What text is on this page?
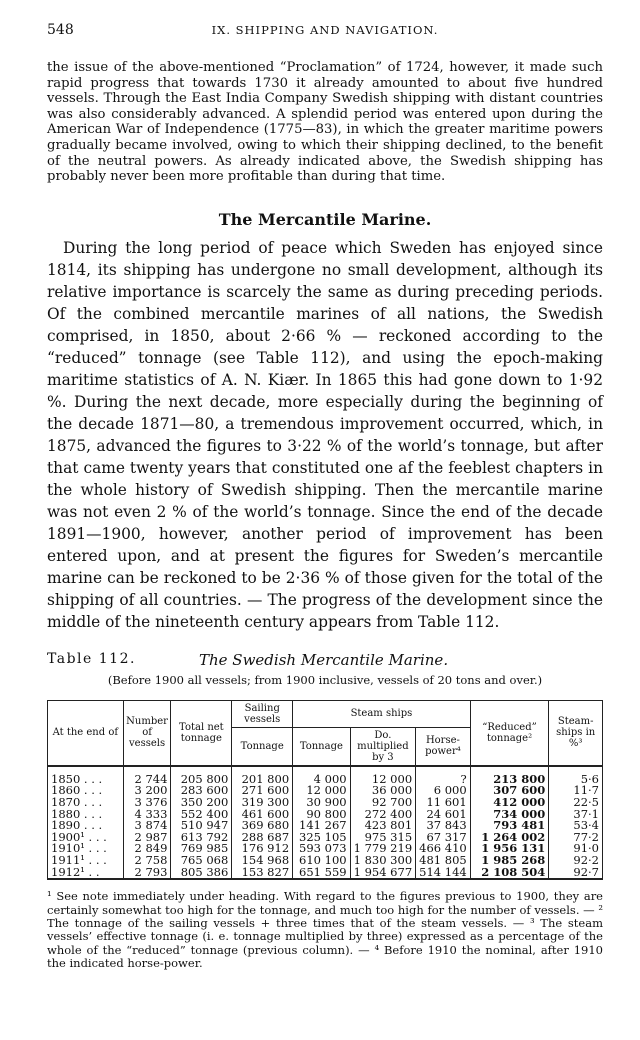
548	IX. SHIPPING AND NAVIGATION.

the issue of the above-mentioned “Proclamation” of 1724, however, it made such rapid progress that towards 1730 it already amounted to about five hundred vessels. Through the East India Company Swedish shipping with distant countries was also considerably advanced. A splendid period was entered upon during the American War of Independence (1775—83), in which the greater maritime powers gradually became involved, owing to which their shipping declined, to the benefit of the neutral powers. As already indicated above, the Swedish shipping has probably never been more profitable than during that time.

The Mercantile Marine.

During the long period of peace which Sweden has enjoyed since 1814, its shipping has undergone no small development, although its relative importance is scarcely the same as during preceding periods. Of the combined mercantile marines of all nations, the Swedish comprised, in 1850, about 2·66 % — reckoned according to the “reduced” tonnage (see Table 112), and using the epoch-making maritime statistics of A. N. Kiær. In 1865 this had gone down to 1·92 %. During the next decade, more especially during the beginning of the decade 1871—80, a tremendous improvement occurred, which, in 1875, advanced the figures to 3·22 % of the world’s tonnage, but after that came twenty years that constituted one af the feeblest chapters in the whole history of Swedish shipping. Then the mercantile marine was not even 2 % of the world’s tonnage. Since the end of the decade 1891—1900, however, another period of improvement has been entered upon, and at present the figures for Sweden’s mercantile marine can be reckoned to be 2·36 % of those given for the total of the shipping of all countries. — The progress of the development since the middle of the nineteenth century appears from Table 112.

Table 112.	The Swedish Mercantile Marine.
(Before 1900 all vessels; from 1900 inclusive, vessels of 20 tons and over.)
At the end of	Number of vessels	Total net tonnage	Sailing vessels	Steam ships			“Reduced” tonnage²	Steam-ships in %³
			Tonnage	Tonnage	Do. multiplied by 3	Horse-power⁴		

1850 . . .	2 744	205 800	201 800	4 000	12 000	?	213 800	5·6
1860 . . .	3 200	283 600	271 600	12 000	36 000	6 000	307 600	11·7
1870 . . .	3 376	350 200	319 300	30 900	92 700	11 601	412 000	22·5
1880 . . .	4 333	552 400	461 600	90 800	272 400	24 601	734 000	37·1
1890 . . .	3 874	510 947	369 680	141 267	423 801	37 843	793 481	53·4
1900¹ . . .	2 987	613 792	288 687	325 105	975 315	67 317	1 264 002	77·2
1910¹ . . .	2 849	769 985	176 912	593 073	1 779 219	466 410	1 956 131	91·0
1911¹ . . .	2 758	765 068	154 968	610 100	1 830 300	481 805	1 985 268	92·2
1912¹ . .	2 793	805 386	153 827	651 559	1 954 677	514 144	2 108 504	92·7

¹ See note immediately under heading. With regard to the figures previous to 1900, they are certainly somewhat too high for the tonnage, and much too high for the number of vessels. — ² The tonnage of the sailing vessels + three times that of the steam vessels. — ³ The steam vessels’ effective tonnage (i. e. tonnage multiplied by three) expressed as a percentage of the whole of the “reduced” tonnage (previous column). — ⁴ Before 1910 the nominal, after 1910 the indicated horse-power.
